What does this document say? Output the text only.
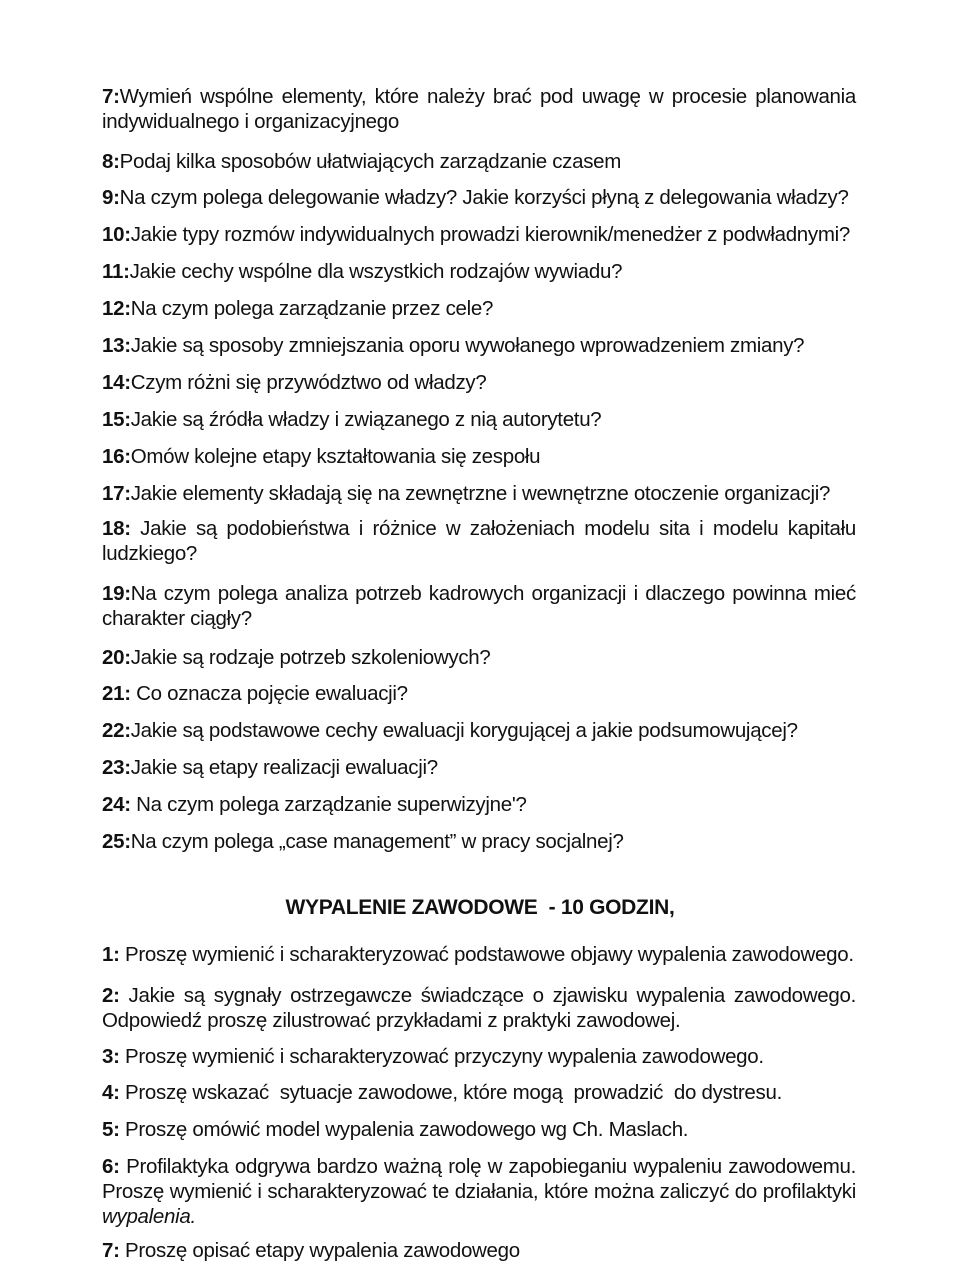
7:Wymień wspólne elementy, które należy brać pod uwagę w procesie planowania indywidualnego i organizacyjnego

8:Podaj kilka sposobów ułatwiających zarządzanie czasem

9:Na czym polega delegowanie władzy? Jakie korzyści płyną z delegowania władzy?

10:Jakie typy rozmów indywidualnych prowadzi kierownik/menedżer z podwładnymi?

11:Jakie cechy wspólne dla wszystkich rodzajów wywiadu?

12:Na czym polega zarządzanie przez cele?

13:Jakie są sposoby zmniejszania oporu wywołanego wprowadzeniem zmiany?

14:Czym różni się przywództwo od władzy?

15:Jakie są źródła władzy i związanego z nią autorytetu?

16:Omów kolejne etapy kształtowania się zespołu

17:Jakie elementy składają się na zewnętrzne i wewnętrzne otoczenie organizacji?

18: Jakie są podobieństwa i różnice w założeniach modelu sita i modelu kapitału ludzkiego?

19:Na czym polega analiza potrzeb kadrowych organizacji i dlaczego powinna mieć charakter ciągły?

20:Jakie są rodzaje potrzeb szkoleniowych?

21: Co oznacza pojęcie ewaluacji?

22:Jakie są podstawowe cechy ewaluacji korygującej a jakie podsumowującej?

23:Jakie są etapy realizacji ewaluacji?

24: Na czym polega zarządzanie superwizyjne'?

25:Na czym polega „case management” w pracy socjalnej?

WYPALENIE ZAWODOWE  - 10 GODZIN,

1: Proszę wymienić i scharakteryzować podstawowe objawy wypalenia zawodowego.

2: Jakie są sygnały ostrzegawcze świadczące o zjawisku wypalenia zawodowego. Odpowiedź proszę zilustrować przykładami z praktyki zawodowej.

3: Proszę wymienić i scharakteryzować przyczyny wypalenia zawodowego.

4: Proszę wskazać  sytuacje zawodowe, które mogą  prowadzić  do dystresu.

5: Proszę omówić model wypalenia zawodowego wg Ch. Maslach.

6: Profilaktyka odgrywa bardzo ważną rolę w zapobieganiu wypaleniu zawodowemu. Proszę wymienić i scharakteryzować te działania, które można zaliczyć do profilaktyki wypalenia.

7: Proszę opisać etapy wypalenia zawodowego
